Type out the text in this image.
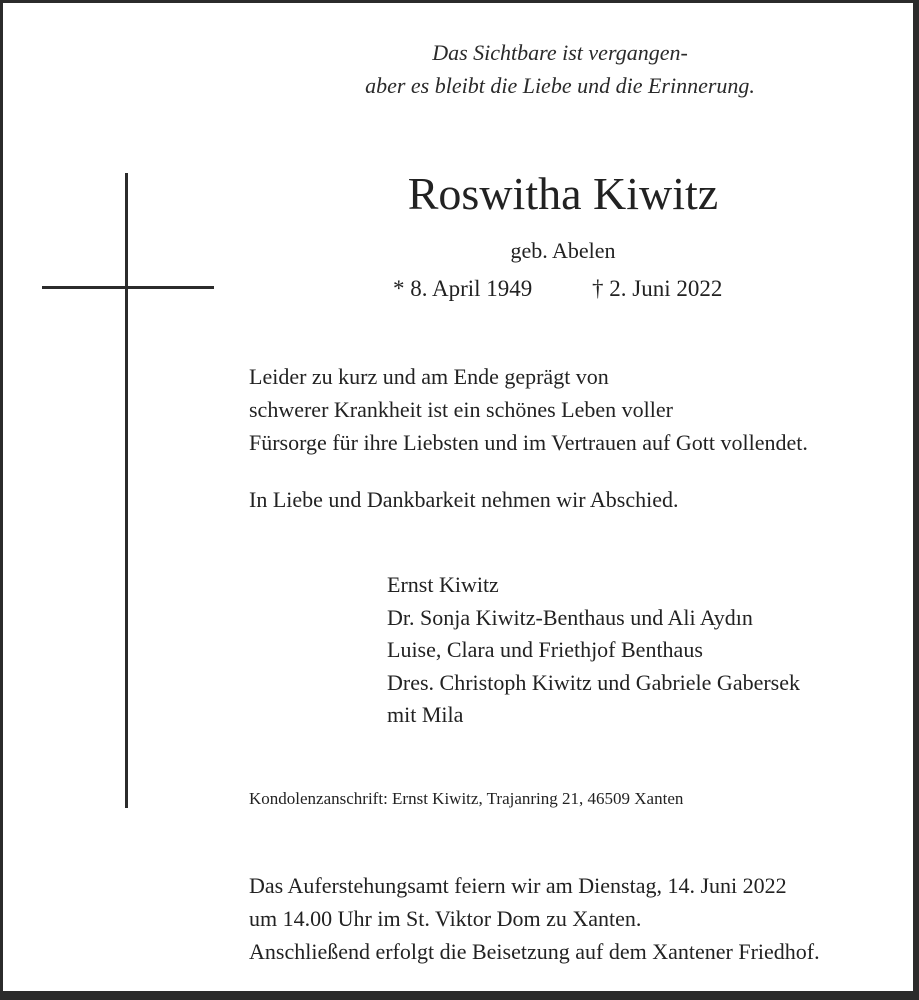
Das Sichtbare ist vergangen-
aber es bleibt die Liebe und die Erinnerung.
Roswitha Kiwitz
geb. Abelen
* 8. April 1949	† 2. Juni 2022
Leider zu kurz und am Ende geprägt von
schwerer Krankheit ist ein schönes Leben voller
Fürsorge für ihre Liebsten und im Vertrauen auf Gott vollendet.
In Liebe und Dankbarkeit nehmen wir Abschied.
Ernst Kiwitz
Dr. Sonja Kiwitz-Benthaus und Ali Aydın
Luise, Clara und Friethjof Benthaus
Dres. Christoph Kiwitz und Gabriele Gabersek
mit Mila
Kondolenzanschrift: Ernst Kiwitz, Trajanring 21, 46509 Xanten
Das Auferstehungsamt feiern wir am Dienstag, 14. Juni 2022
um 14.00 Uhr im St. Viktor Dom zu Xanten.
Anschließend erfolgt die Beisetzung auf dem Xantener Friedhof.
